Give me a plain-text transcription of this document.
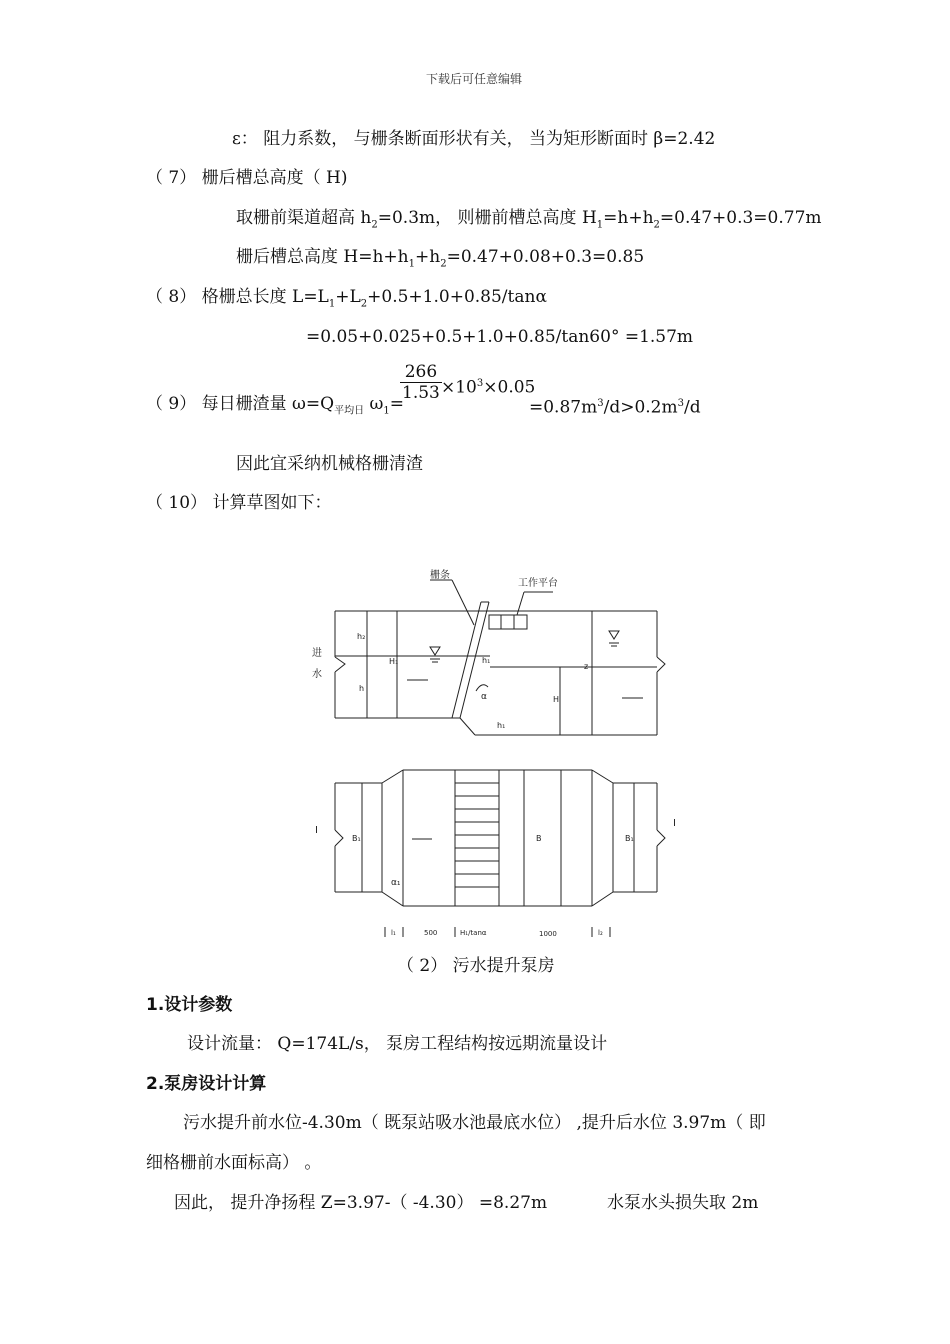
下载后可任意编辑
ε： 阻力系数， 与栅条断面形状有关， 当为矩形断面时 β=2.42
（ 7） 栅后槽总高度（ H)
取栅前渠道超高 $h_2=0.3m$， 则栅前槽总高度 $H_1=h+h_2=0.47+0.3=0.77m$
栅后槽总高度 $H=h+h_1+h_2=0.47+0.08+0.3=0.85$
（ 8） 格栅总长度 $L=L_1+L_2+0.5+1.0+0.85$/tanα
=0.05+0.025+0.5+1.0+0.85/tan60° =1.57m
（ 9） 每日栅渣量 $\omega=Q_{平均日}$ $\omega_1=$
266
$1.53 \times 10^3\times 0.05$
$=0.87m^3/d>0.2m^3/d$
因此宜采纳机械格栅清渣
（ 10） 计算草图如下：
栅条
工作平台
进
水
h₂
h
H₁	h₁
h₁
H
z
α
I
I
B₁	B	B₁
α₁
l₁	500	H₁/tanα	1000	l₂
（ 2） 污水提升泵房
1.设计参数
设计流量： Q=174L/s， 泵房工程结构按远期流量设计
2.泵房设计计算
污水提升前水位-4.30m（ 既泵站吸水池最底水位） ,提升后水位 3.97m（ 即
细格栅前水面标高） 。
因此， 提升净扬程 Z=3.97-（ -4.30） =8.27m	水泵水头损失取 2m
